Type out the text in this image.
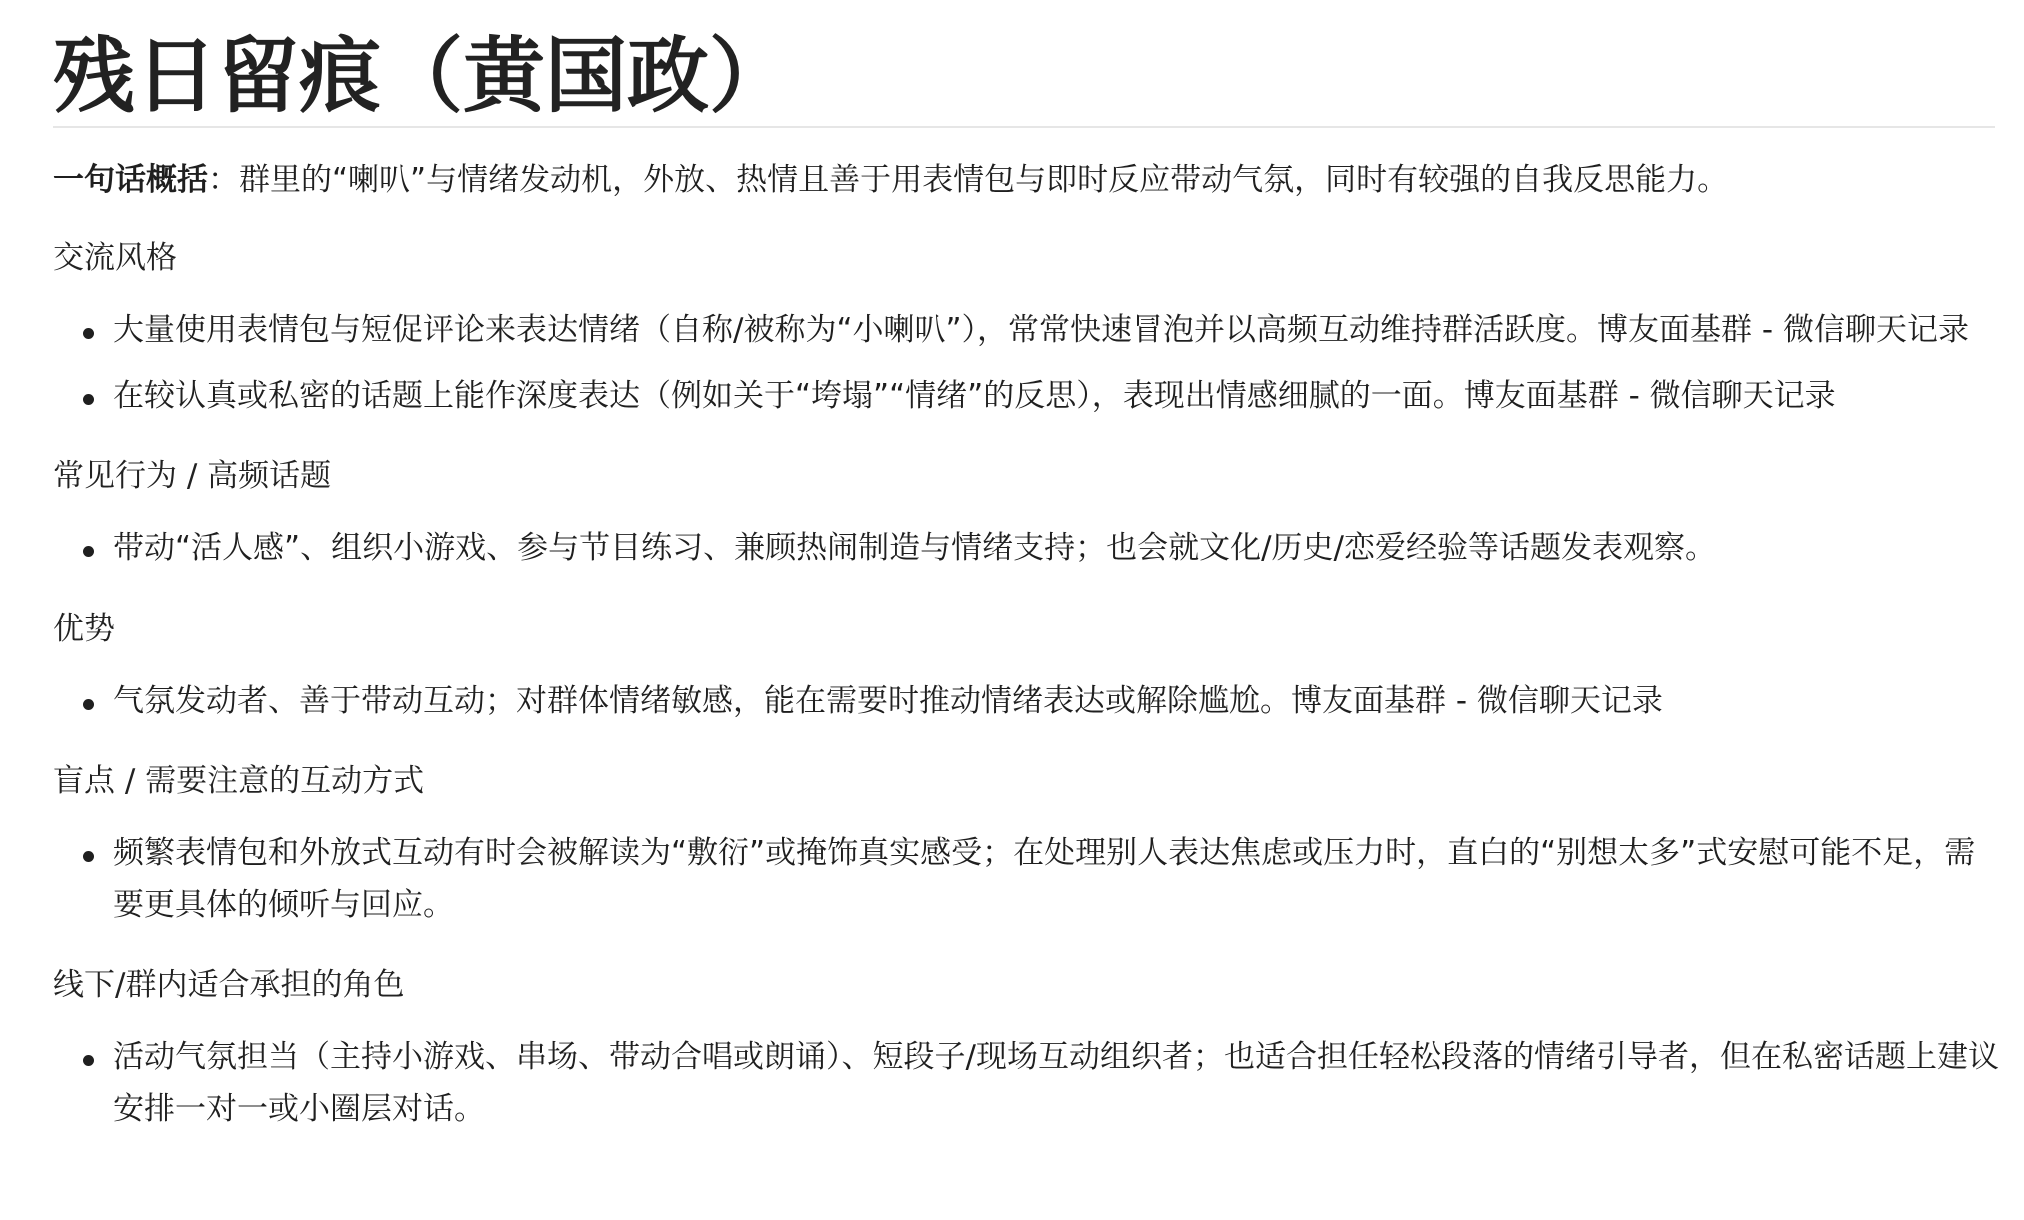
残日留痕（黄国政）

一句话概括：群里的“喇叭”与情绪发动机，外放、热情且善于用表情包与即时反应带动气氛，同时有较强的自我反思能力。

交流风格
大量使用表情包与短促评论来表达情绪（自称/被称为“小喇叭”），常常快速冒泡并以高频互动维持群活跃度。博友面基群 - 微信聊天记录
在较认真或私密的话题上能作深度表达（例如关于“垮塌”“情绪”的反思），表现出情感细腻的一面。博友面基群 - 微信聊天记录
常见行为 / 高频话题
带动“活人感”、组织小游戏、参与节目练习、兼顾热闹制造与情绪支持；也会就文化/历史/恋爱经验等话题发表观察。
优势
气氛发动者、善于带动互动；对群体情绪敏感，能在需要时推动情绪表达或解除尴尬。博友面基群 - 微信聊天记录
盲点 / 需要注意的互动方式
频繁表情包和外放式互动有时会被解读为“敷衍”或掩饰真实感受；在处理别人表达焦虑或压力时，直白的“别想太多”式安慰可能不足，需要更具体的倾听与回应。
线下/群内适合承担的角色
活动气氛担当（主持小游戏、串场、带动合唱或朗诵）、短段子/现场互动组织者；也适合担任轻松段落的情绪引导者，但在私密话题上建议安排一对一或小圈层对话。
